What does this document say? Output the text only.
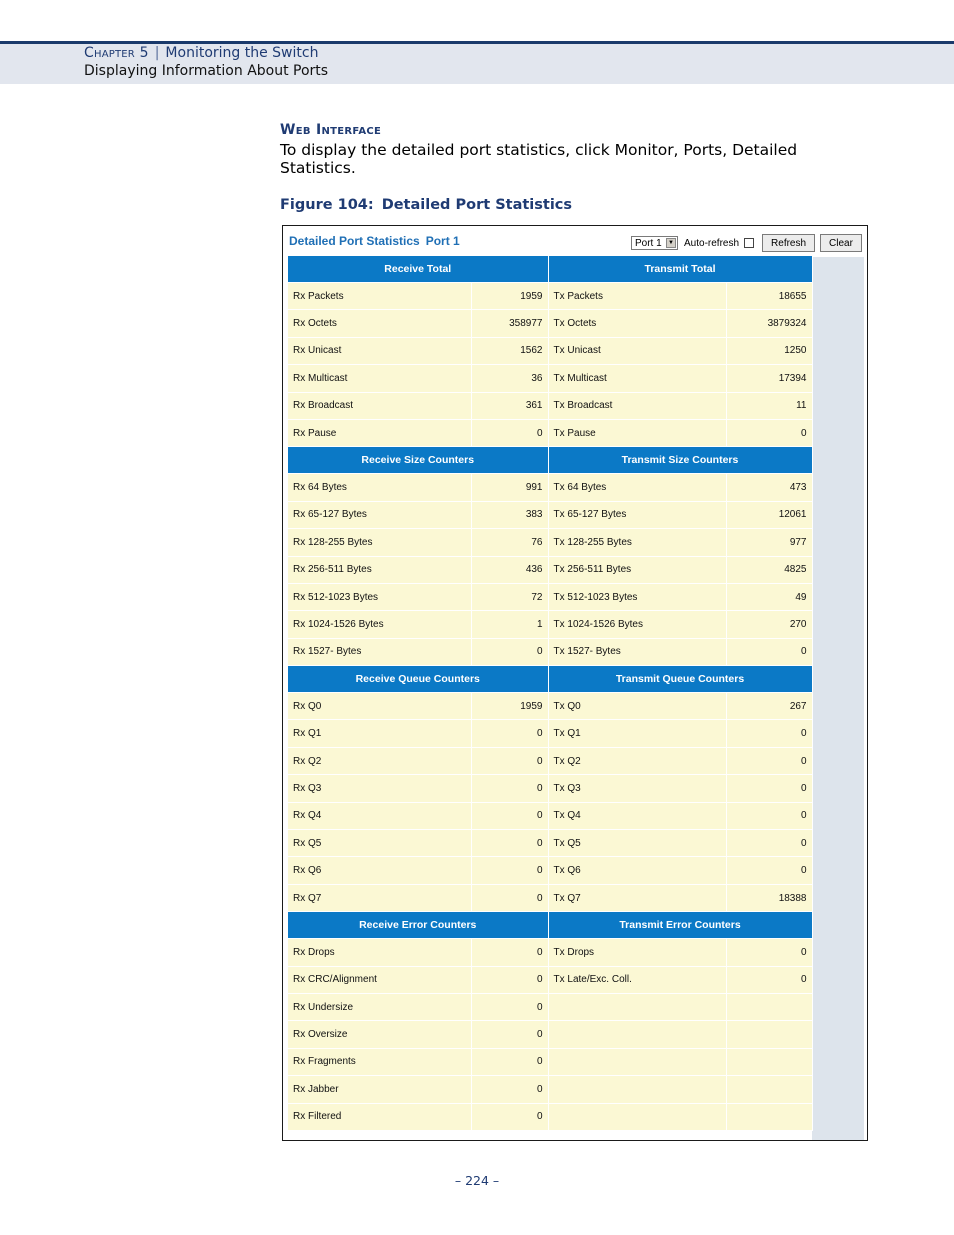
Chapter 5 | Monitoring the Switch
Displaying Information About Ports
Web Interface
To display the detailed port statistics, click Monitor, Ports, Detailed Statistics.
Figure 104: Detailed Port Statistics
Detailed Port Statistics Port 1	Port 1	▼ Auto-refresh	Refresh	Clear
Receive Total		Transmit Total	
Rx Packets	1959	Tx Packets	18655
Rx Octets	358977	Tx Octets	3879324
Rx Unicast	1562	Tx Unicast	1250
Rx Multicast	36	Tx Multicast	17394
Rx Broadcast	361	Tx Broadcast	11
Rx Pause	0	Tx Pause	0
Receive Size Counters		Transmit Size Counters	
Rx 64 Bytes	991	Tx 64 Bytes	473
Rx 65-127 Bytes	383	Tx 65-127 Bytes	12061
Rx 128-255 Bytes	76	Tx 128-255 Bytes	977
Rx 256-511 Bytes	436	Tx 256-511 Bytes	4825
Rx 512-1023 Bytes	72	Tx 512-1023 Bytes	49
Rx 1024-1526 Bytes	1	Tx 1024-1526 Bytes	270
Rx 1527- Bytes	0	Tx 1527- Bytes	0
Receive Queue Counters		Transmit Queue Counters	
Rx Q0	1959	Tx Q0	267
Rx Q1	0	Tx Q1	0
Rx Q2	0	Tx Q2	0
Rx Q3	0	Tx Q3	0
Rx Q4	0	Tx Q4	0
Rx Q5	0	Tx Q5	0
Rx Q6	0	Tx Q6	0
Rx Q7	0	Tx Q7	18388
Receive Error Counters		Transmit Error Counters	
Rx Drops	0	Tx Drops	0
Rx CRC/Alignment	0	Tx Late/Exc. Coll.	0
Rx Undersize	0		
Rx Oversize	0		
Rx Fragments	0		
Rx Jabber	0		
Rx Filtered	0		
– 224 –
